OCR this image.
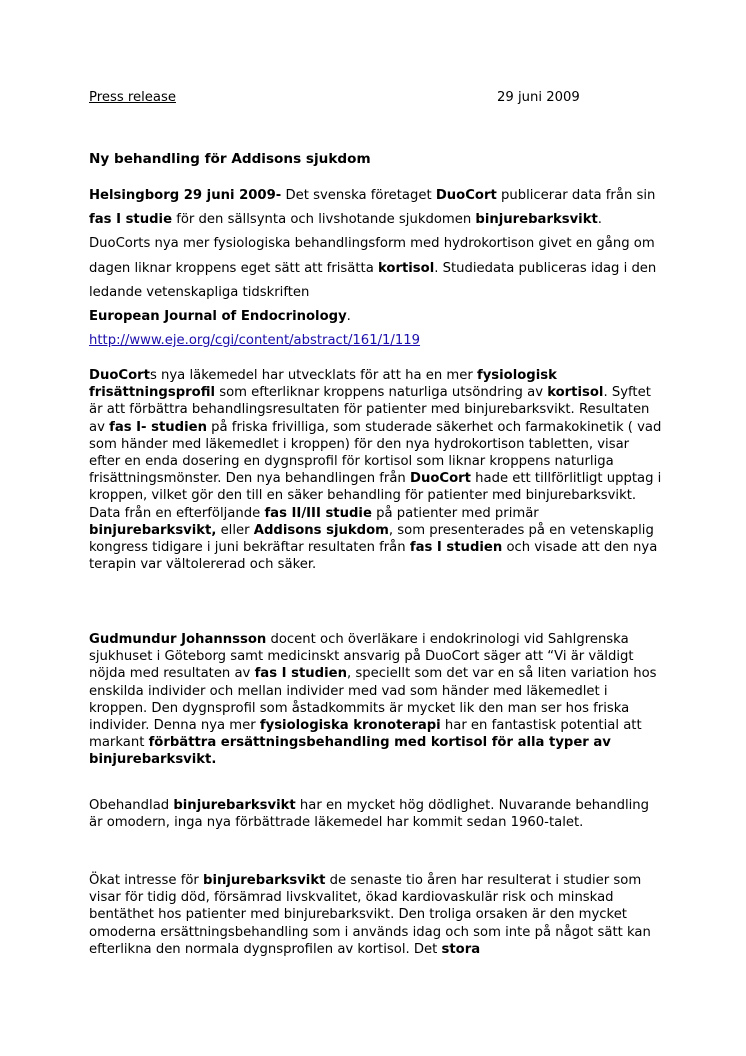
Press release	29 juni 2009
Ny behandling för Addisons sjukdom

Helsingborg 29 juni 2009- Det svenska företaget DuoCort publicerar data från sin fas I studie för den sällsynta och livshotande sjukdomen binjurebarksvikt. DuoCorts nya mer fysiologiska behandlingsform med hydrokortison givet en gång om dagen liknar kroppens eget sätt att frisätta kortisol. Studiedata publiceras idag i den ledande vetenskapliga tidskriften
European Journal of Endocrinology.
http://www.eje.org/cgi/content/abstract/161/1/119

DuoCorts nya läkemedel har utvecklats för att ha en mer fysiologisk frisättningsprofil som efterliknar kroppens naturliga utsöndring av kortisol. Syftet är att förbättra behandlingsresultaten för patienter med binjurebarksvikt. Resultaten av fas I- studien på friska frivilliga, som studerade säkerhet och farmakokinetik ( vad som händer med läkemedlet i kroppen) för den nya hydrokortison tabletten, visar efter en enda dosering en dygnsprofil för kortisol som liknar kroppens naturliga frisättningsmönster. Den nya behandlingen från DuoCort hade ett tillförlitligt upptag i kroppen, vilket gör den till en säker behandling för patienter med binjurebarksvikt. Data från en efterföljande fas II/III studie på patienter med primär binjurebarksvikt, eller Addisons sjukdom, som presenterades på en vetenskaplig kongress tidigare i juni bekräftar resultaten från fas I studien och visade att den nya terapin var vältolererad och säker.

Gudmundur Johannsson docent och överläkare i endokrinologi vid Sahlgrenska sjukhuset i Göteborg samt medicinskt ansvarig på DuoCort säger att “Vi är väldigt nöjda med resultaten av fas I studien, speciellt som det var en så liten variation hos enskilda individer och mellan individer med vad som händer med läkemedlet i kroppen. Den dygnsprofil som åstadkommits är mycket lik den man ser hos friska individer. Denna nya mer fysiologiska kronoterapi har en fantastisk potential att markant förbättra ersättningsbehandling med kortisol för alla typer av binjurebarksvikt.

Obehandlad binjurebarksvikt har en mycket hög dödlighet. Nuvarande behandling är omodern, inga nya förbättrade läkemedel har kommit sedan 1960-talet.

Ökat intresse för binjurebarksvikt de senaste tio åren har resulterat i studier som visar för tidig död, försämrad livskvalitet, ökad kardiovaskulär risk och minskad bentäthet hos patienter med binjurebarksvikt. Den troliga orsaken är den mycket omoderna ersättningsbehandling som i används idag och som inte på något sätt kan efterlikna den normala dygnsprofilen av kortisol. Det stora
